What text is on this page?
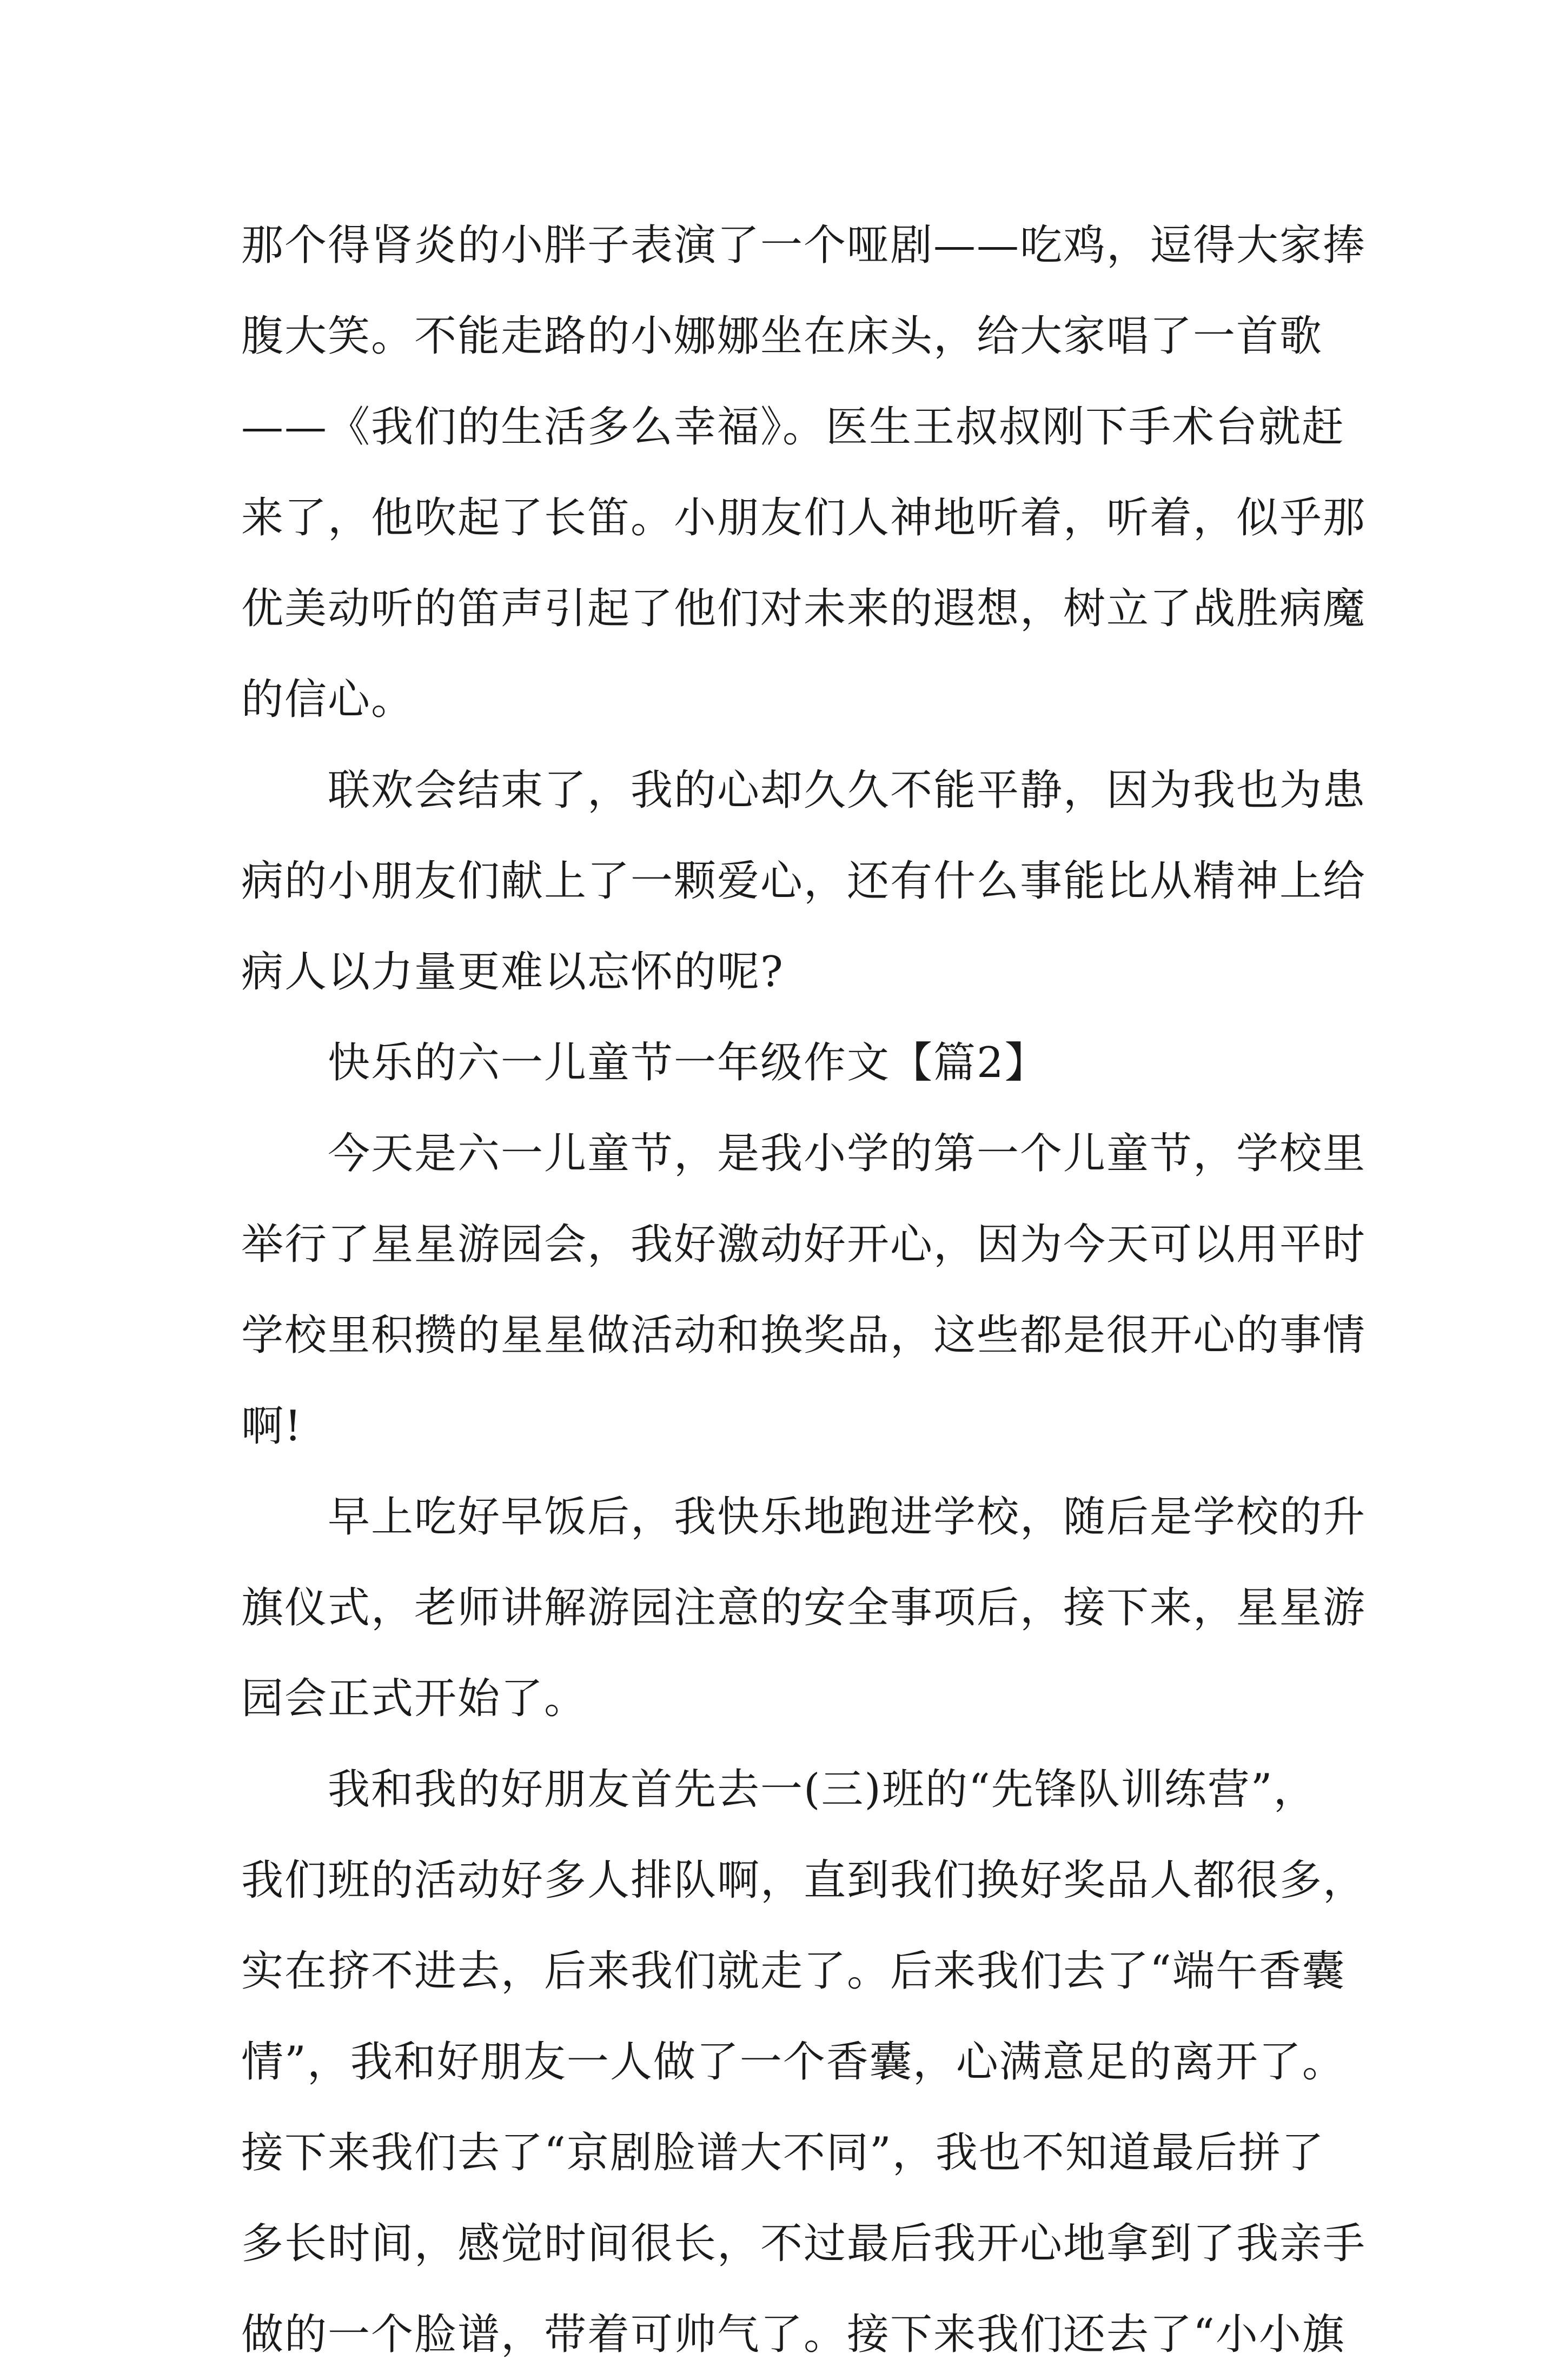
那个得肾炎的小胖子表演了一个哑剧——吃鸡，逗得大家捧
腹大笑。不能走路的小娜娜坐在床头，给大家唱了一首歌
——《我们的生活多么幸福》。医生王叔叔刚下手术台就赶
来了，他吹起了长笛。小朋友们人神地听着，听着，似乎那
优美动听的笛声引起了他们对未来的遐想，树立了战胜病魔
的信心。
　　联欢会结束了，我的心却久久不能平静，因为我也为患
病的小朋友们献上了一颗爱心，还有什么事能比从精神上给
病人以力量更难以忘怀的呢?
　　快乐的六一儿童节一年级作文【篇2】
　　今天是六一儿童节，是我小学的第一个儿童节，学校里
举行了星星游园会，我好激动好开心，因为今天可以用平时
学校里积攒的星星做活动和换奖品，这些都是很开心的事情
啊!
　　早上吃好早饭后，我快乐地跑进学校，随后是学校的升
旗仪式，老师讲解游园注意的安全事项后，接下来，星星游
园会正式开始了。
　　我和我的好朋友首先去一(三)班的“先锋队训练营”，
我们班的活动好多人排队啊，直到我们换好奖品人都很多，
实在挤不进去，后来我们就走了。后来我们去了“端午香囊
情”，我和好朋友一人做了一个香囊，心满意足的离开了。
接下来我们去了“京剧脸谱大不同”，我也不知道最后拼了
多长时间，感觉时间很长，不过最后我开心地拿到了我亲手
做的一个脸谱，带着可帅气了。接下来我们还去了“小小旗
